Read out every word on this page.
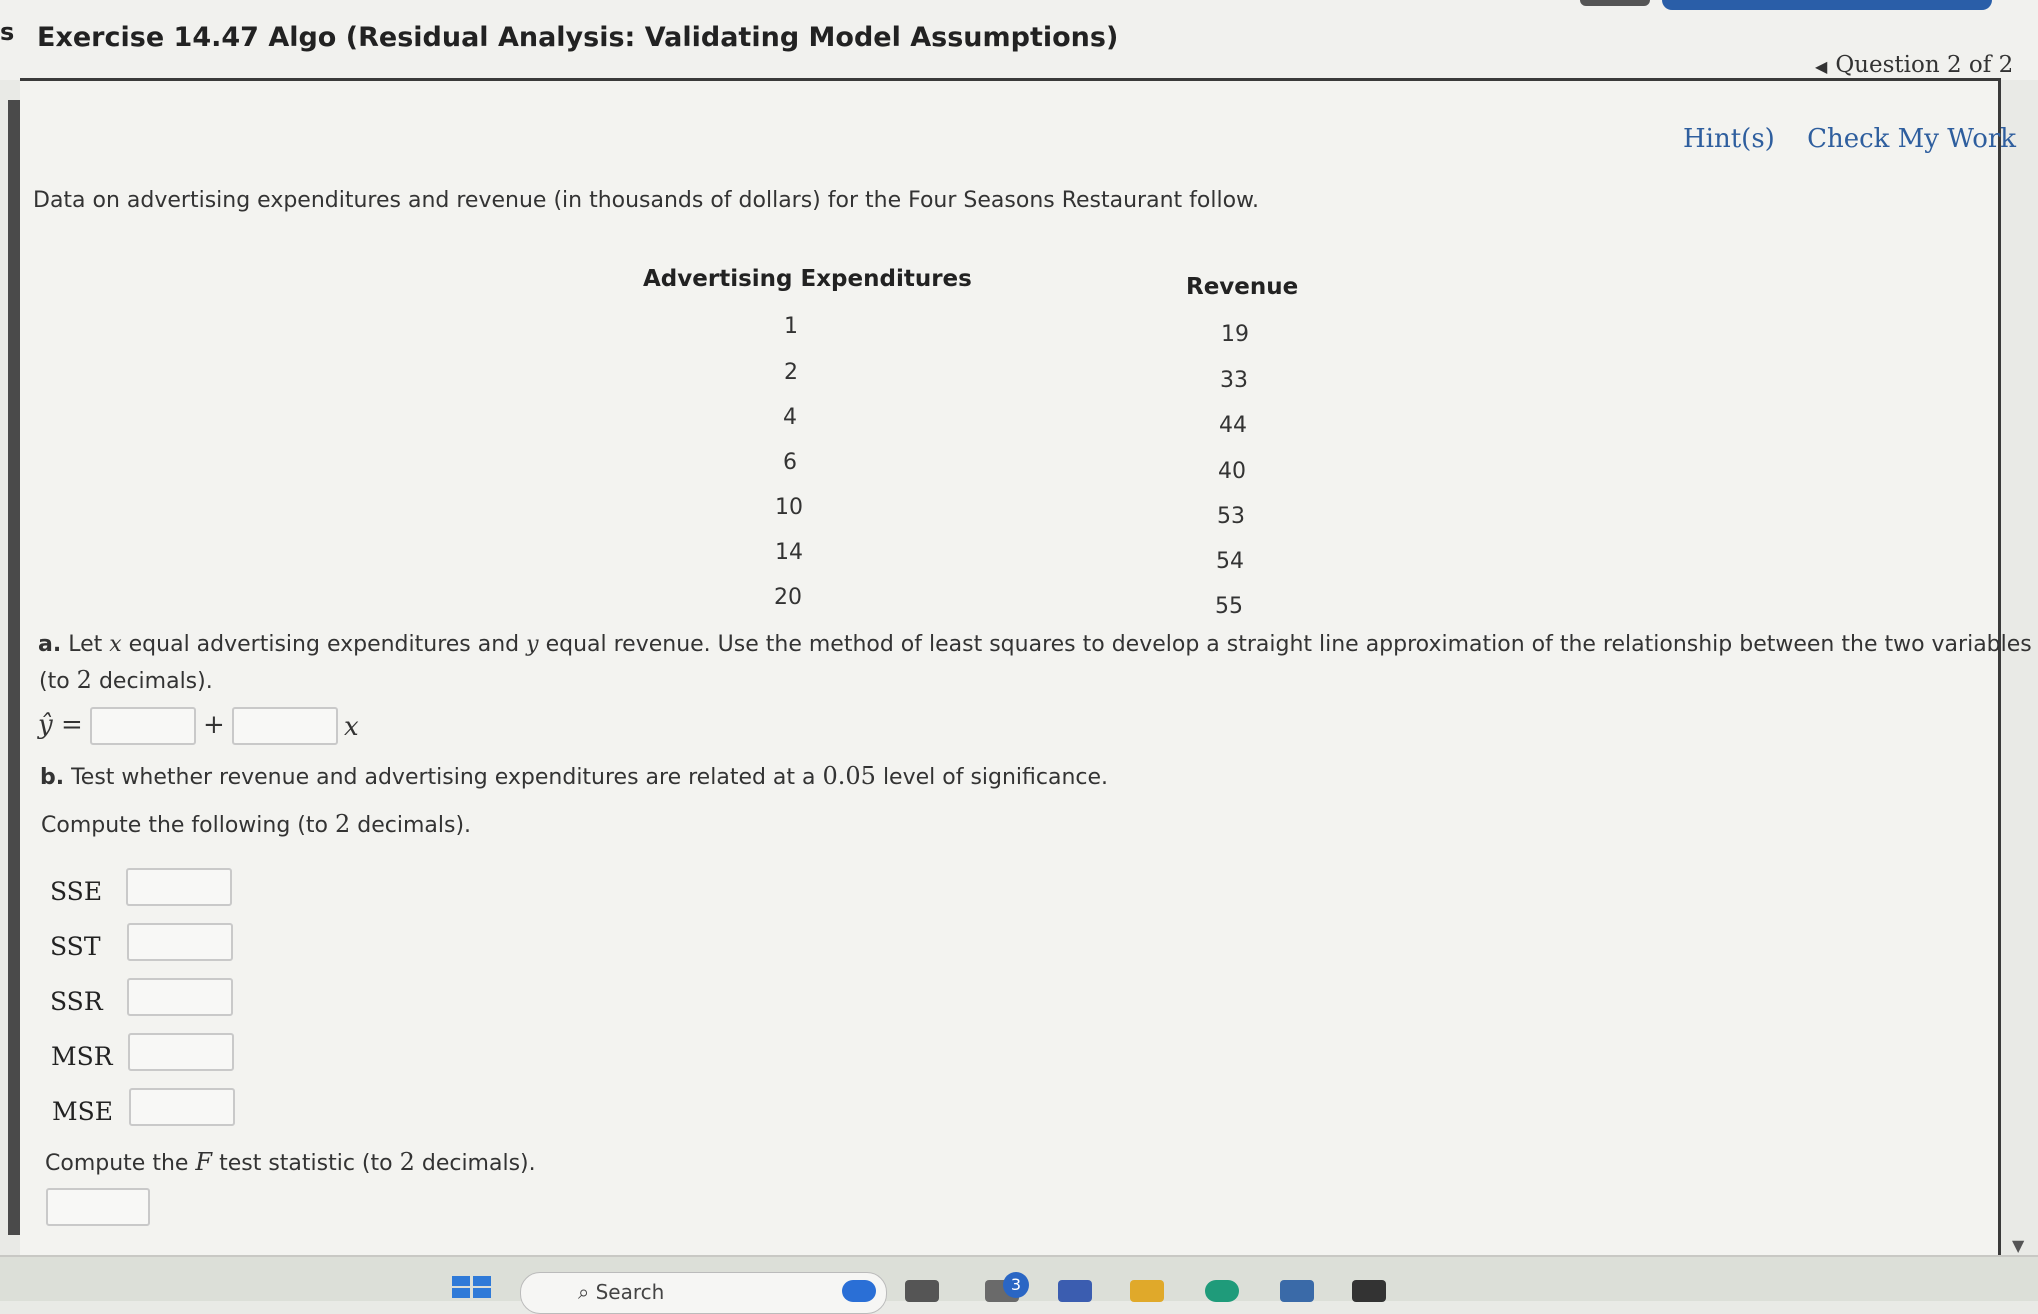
s Exercise 14.47 Algo (Residual Analysis: Validating Model Assumptions)
◀ Question 2 of 2
Hint(s) Check My Work
Data on advertising expenditures and revenue (in thousands of dollars) for the Four Seasons Restaurant follow.
Advertising Expenditures	Revenue
1	19
2	33
4	44
6	40
10	53
14	54
20	55
a. Let x equal advertising expenditures and y equal revenue. Use the method of least squares to develop a straight line approximation of the relationship between the two variables
(to 2 decimals).
ŷ =	+	x
b. Test whether revenue and advertising expenditures are related at a 0.05 level of significance.
Compute the following (to 2 decimals).
SSE
SST
SSR
MSR
MSE
Compute the F test statistic (to 2 decimals).
▼
⌕ Search	3
